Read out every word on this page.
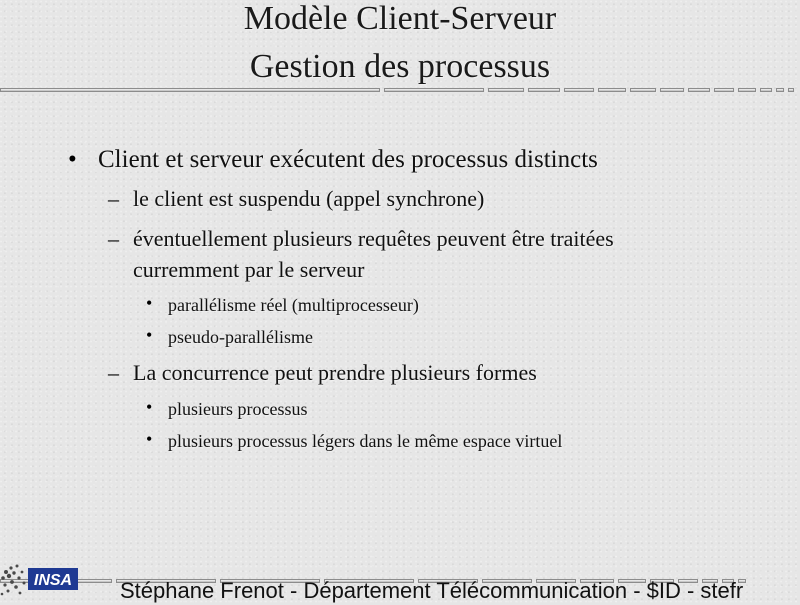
Modèle Client-Serveur
Gestion des processus
• Client et serveur exécutent des processus distincts
– le client est suspendu (appel synchrone)
– éventuellement plusieurs requêtes peuvent être traitées
curremment par le serveur
• parallélisme réel (multiprocesseur)
• pseudo-parallélisme
– La concurrence peut prendre plusieurs formes
• plusieurs processus
• plusieurs processus légers dans le même espace virtuel
INSA Stéphane Frenot - Département Télécommunication - $ID - stefr
